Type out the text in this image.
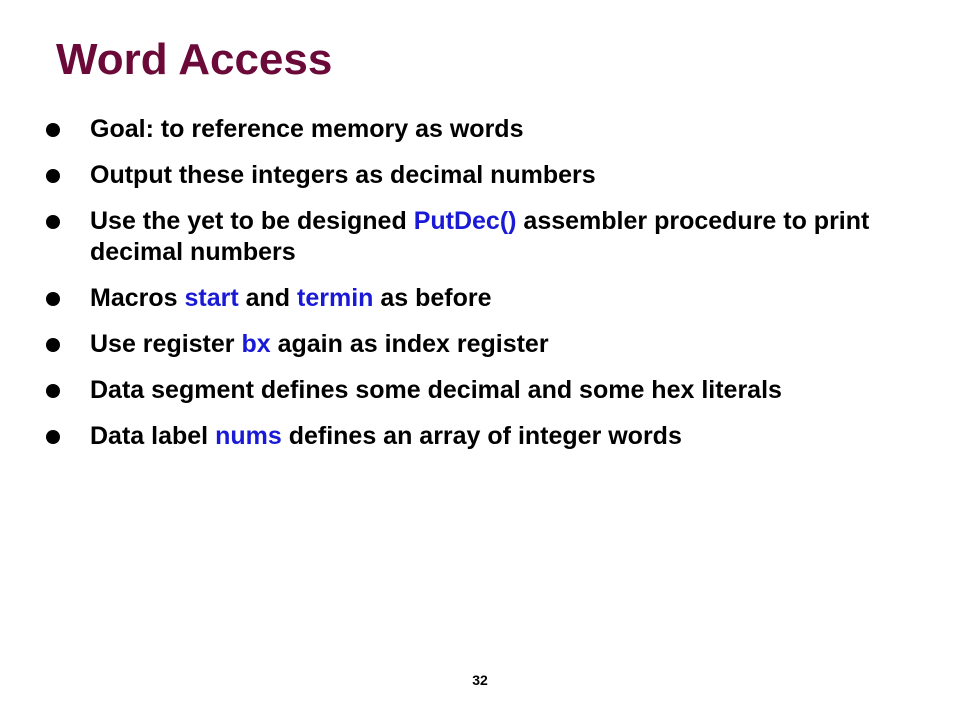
Word Access
Goal: to reference memory as words
Output these integers as decimal numbers
Use the yet to be designed PutDec() assembler procedure to print decimal numbers
Macros start and termin as before
Use register bx again as index register
Data segment defines some decimal and some hex literals
Data label nums defines an array of integer words
32
